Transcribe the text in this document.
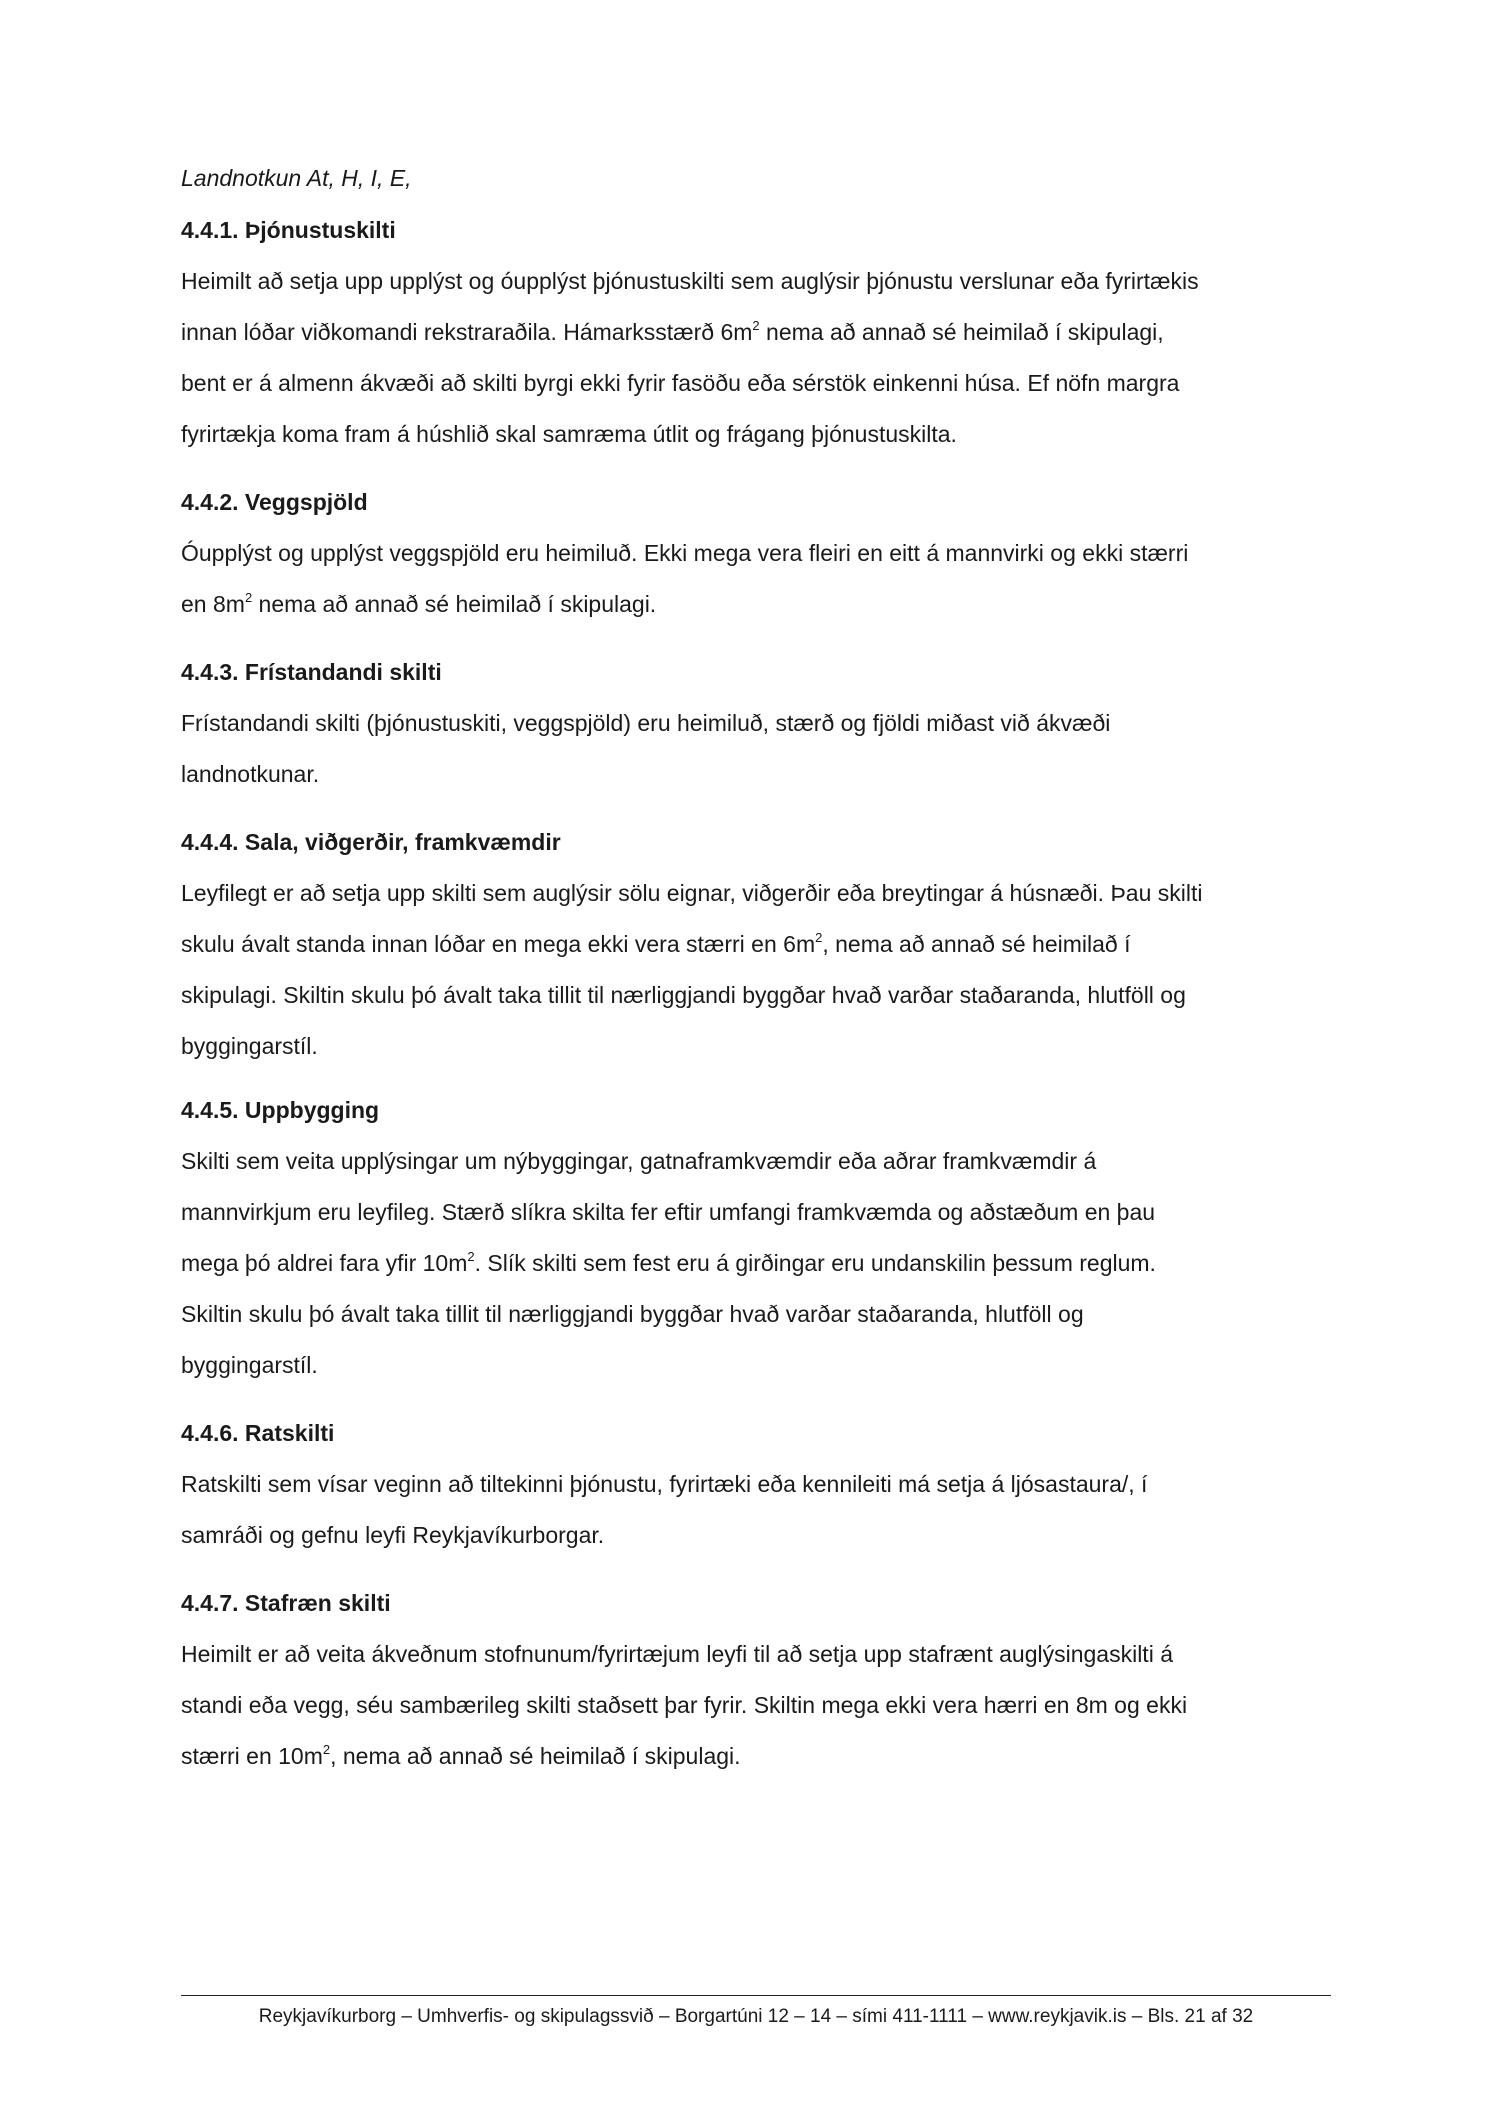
Landnotkun At, H, I, E,

4.4.1. Þjónustuskilti

Heimilt að setja upp upplýst og óupplýst þjónustuskilti sem auglýsir þjónustu verslunar eða fyrirtækis
innan lóðar viðkomandi rekstraraðila. Hámarksstærð $6m^2$ nema að annað sé heimilað í skipulagi,
bent er á almenn ákvæði að skilti byrgi ekki fyrir fasöðu eða sérstök einkenni húsa. Ef nöfn margra
fyrirtækja koma fram á húshlið skal samræma útlit og frágang þjónustuskilta.

4.4.2. Veggspjöld

Óupplýst og upplýst veggspjöld eru heimiluð. Ekki mega vera fleiri en eitt á mannvirki og ekki stærri
en $8m^2$ nema að annað sé heimilað í skipulagi.

4.4.3. Frístandandi skilti

Frístandandi skilti (þjónustuskiti, veggspjöld) eru heimiluð, stærð og fjöldi miðast við ákvæði
landnotkunar.

4.4.4. Sala, viðgerðir, framkvæmdir

Leyfilegt er að setja upp skilti sem auglýsir sölu eignar, viðgerðir eða breytingar á húsnæði. Þau skilti
skulu ávalt standa innan lóðar en mega ekki vera stærri en $6m^2$, nema að annað sé heimilað í
skipulagi. Skiltin skulu þó ávalt taka tillit til nærliggjandi byggðar hvað varðar staðaranda, hlutföll og
byggingarstíl.

4.4.5. Uppbygging

Skilti sem veita upplýsingar um nýbyggingar, gatnaframkvæmdir eða aðrar framkvæmdir á
mannvirkjum eru leyfileg. Stærð slíkra skilta fer eftir umfangi framkvæmda og aðstæðum en þau
mega þó aldrei fara yfir $10m^2$. Slík skilti sem fest eru á girðingar eru undanskilin þessum reglum.
Skiltin skulu þó ávalt taka tillit til nærliggjandi byggðar hvað varðar staðaranda, hlutföll og
byggingarstíl.

4.4.6. Ratskilti

Ratskilti sem vísar veginn að tiltekinni þjónustu, fyrirtæki eða kennileiti má setja á ljósastaura/, í
samráði og gefnu leyfi Reykjavíkurborgar.

4.4.7. Stafræn skilti

Heimilt er að veita ákveðnum stofnunum/fyrirtæjum leyfi til að setja upp stafrænt auglýsingaskilti á
standi eða vegg, séu sambærileg skilti staðsett þar fyrir. Skiltin mega ekki vera hærri en 8m og ekki
stærri en $10m^2$, nema að annað sé heimilað í skipulagi.

Reykjavíkurborg – Umhverfis- og skipulagssvið – Borgartúni 12 – 14 – sími 411-1111 – www.reykjavik.is – Bls. 21 af 32
